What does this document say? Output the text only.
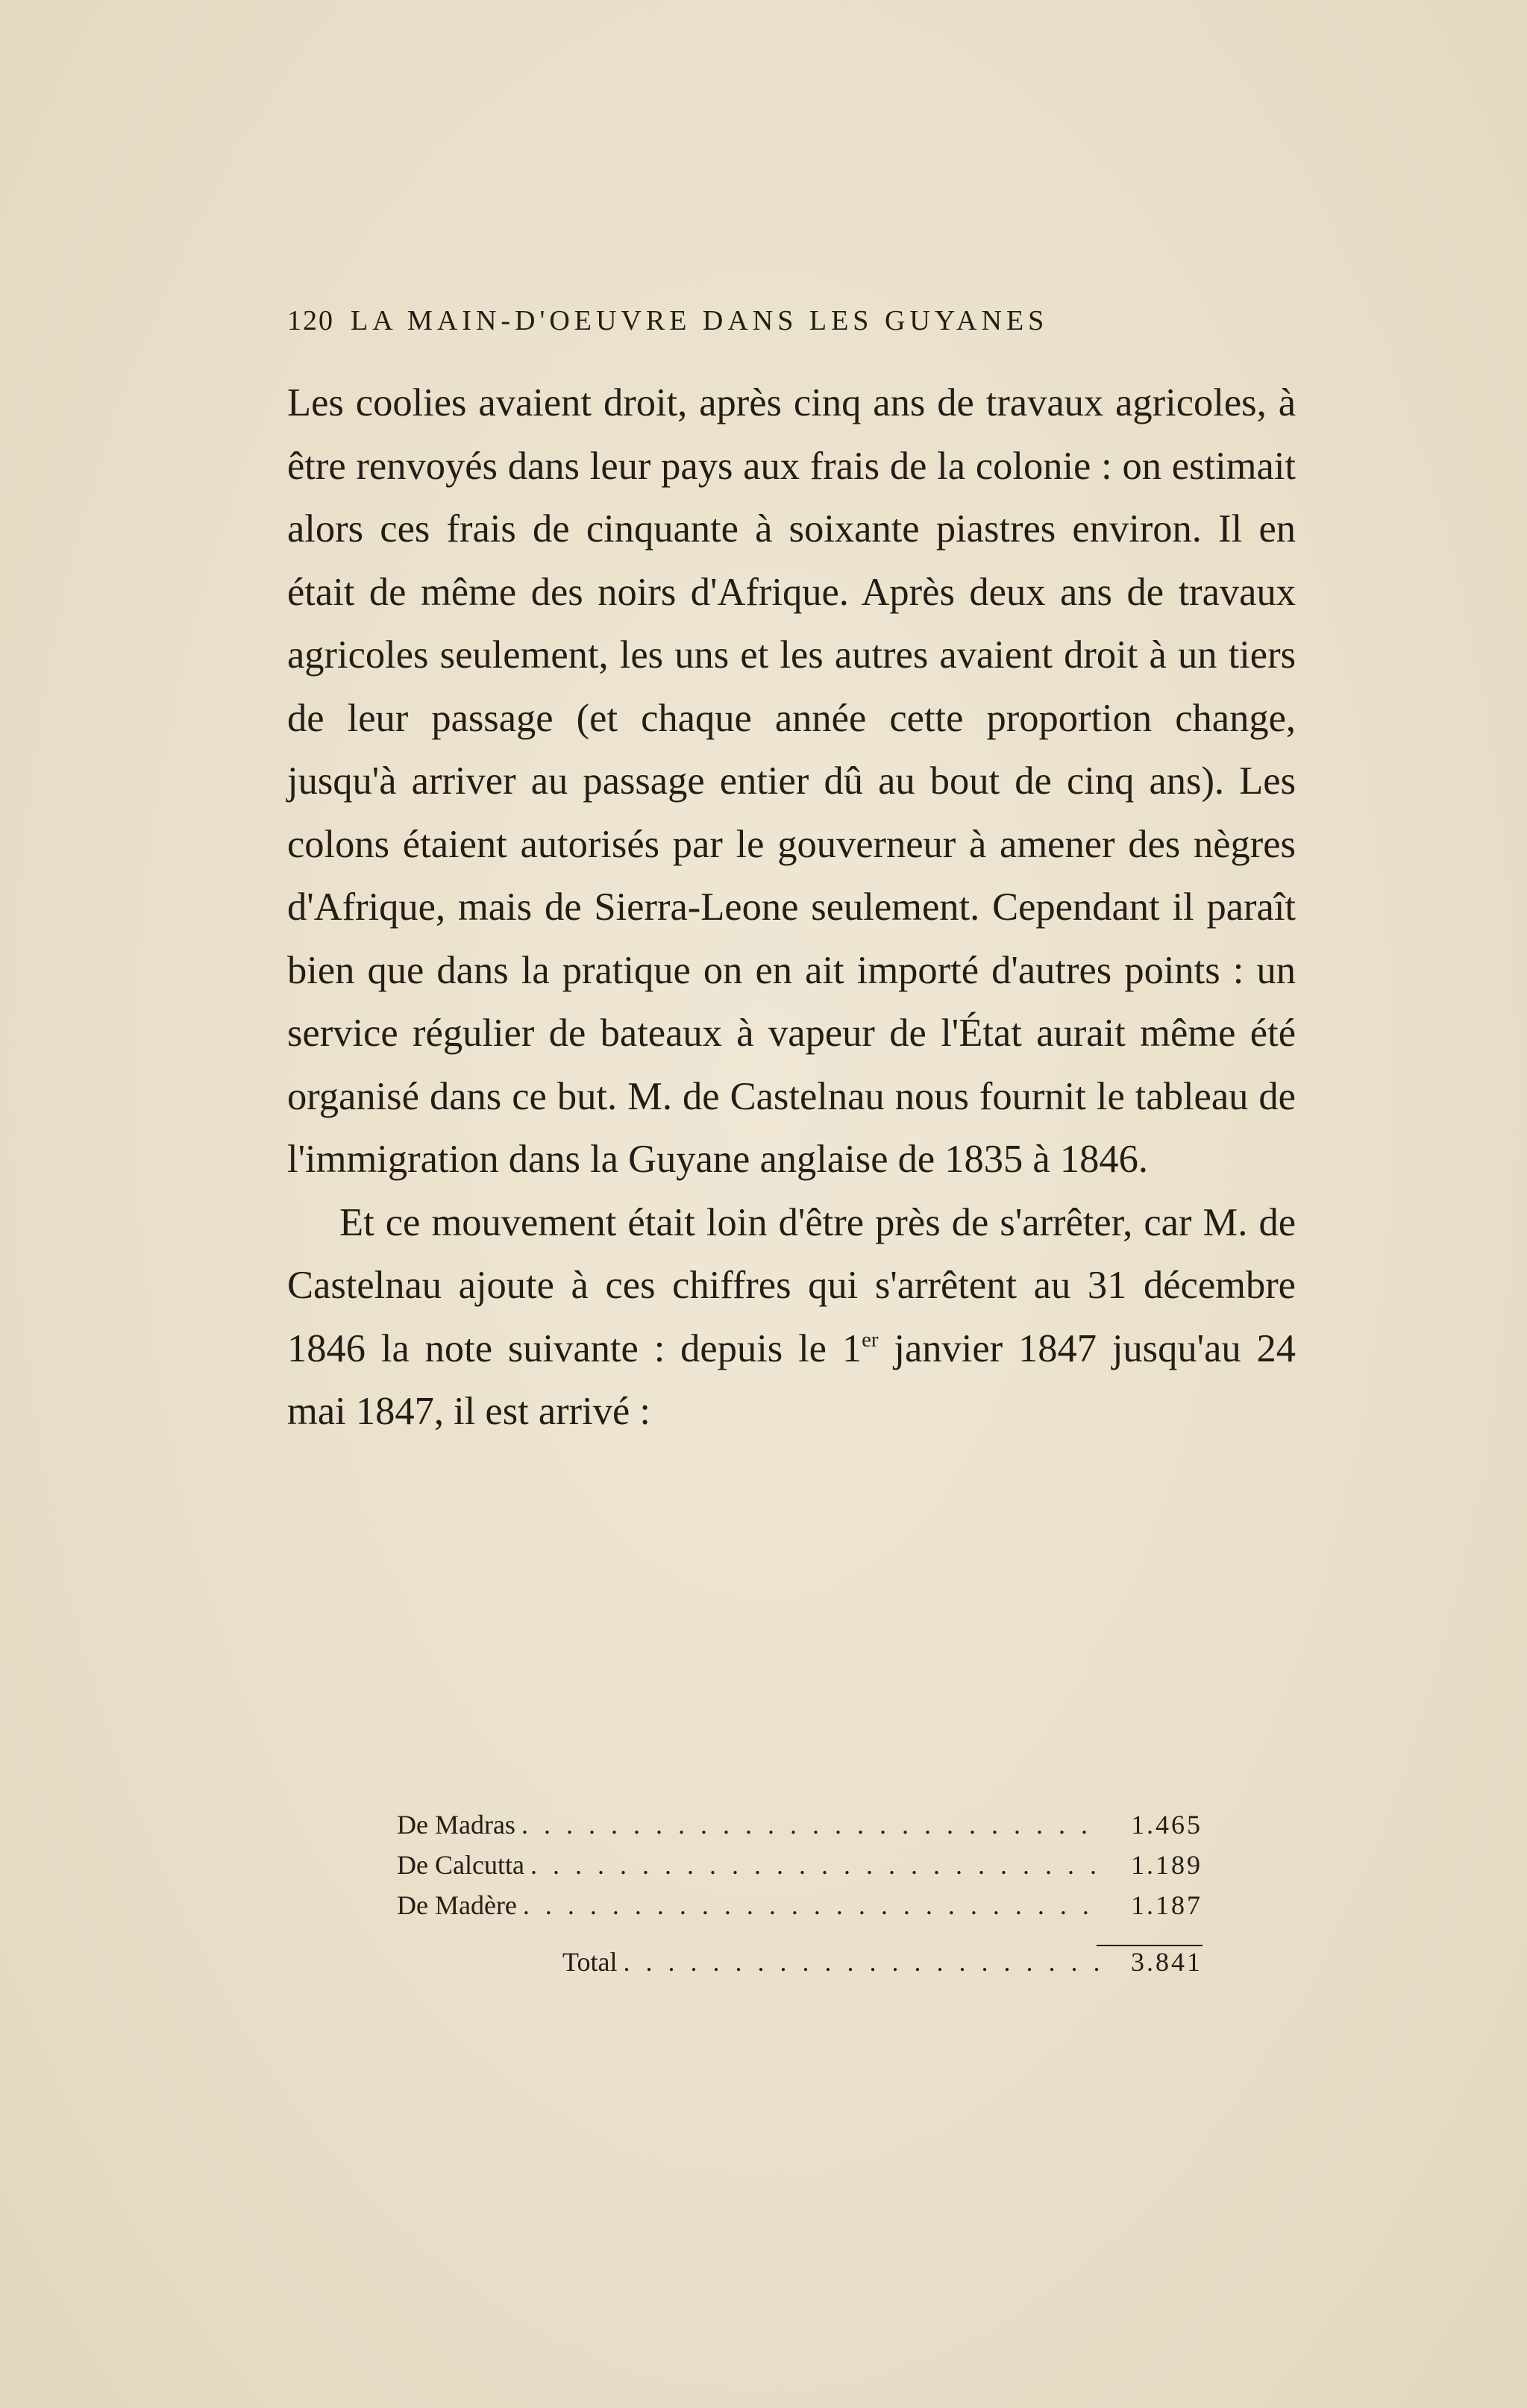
120 LA MAIN-D'OEUVRE DANS LES GUYANES

Les coolies avaient droit, après cinq ans de travaux agricoles, à être renvoyés dans leur pays aux frais de la colonie : on estimait alors ces frais de cinquante à soixante piastres environ. Il en était de même des noirs d'Afrique. Après deux ans de travaux agricoles seulement, les uns et les autres avaient droit à un tiers de leur passage (et chaque année cette proportion change, jusqu'à arriver au passage entier dû au bout de cinq ans). Les colons étaient autorisés par le gouverneur à amener des nègres d'Afrique, mais de Sierra-Leone seulement. Cependant il paraît bien que dans la pratique on en ait importé d'autres points : un service régulier de bateaux à vapeur de l'État aurait même été organisé dans ce but. M. de Castelnau nous fournit le tableau de l'immigration dans la Guyane anglaise de 1835 à 1846.

Et ce mouvement était loin d'être près de s'arrêter, car M. de Castelnau ajoute à ces chiffres qui s'arrêtent au 31 décembre 1846 la note suivante : depuis le 1er janvier 1847 jusqu'au 24 mai 1847, il est arrivé :

De Madras . . .	1.465
De Calcutta . . .	1.189
De Madère . . .	1.187
Total . . .	3.841
